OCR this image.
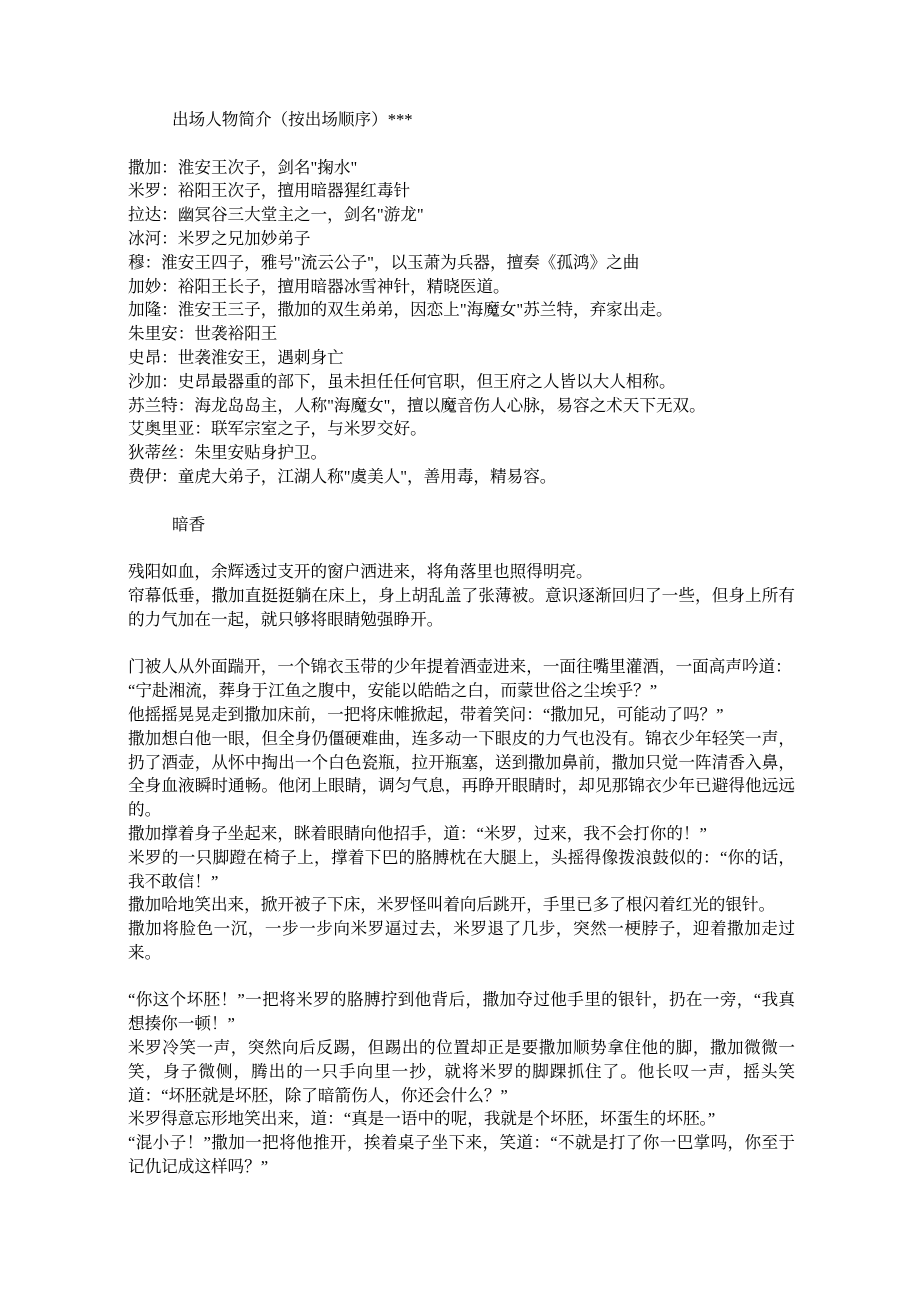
出场人物简介（按出场顺序）***

撒加：淮安王次子，剑名"掬水"

米罗：裕阳王次子，擅用暗器猩红毒针

拉达：幽冥谷三大堂主之一，剑名"游龙"

冰河：米罗之兄加妙弟子

穆：淮安王四子，雅号"流云公子"，以玉萧为兵器，擅奏《孤鸿》之曲

加妙：裕阳王长子，擅用暗器冰雪神针，精晓医道。

加隆：淮安王三子，撒加的双生弟弟，因恋上"海魔女"苏兰特，弃家出走。

朱里安：世袭裕阳王

史昂：世袭淮安王，遇刺身亡

沙加：史昂最器重的部下，虽未担任任何官职，但王府之人皆以大人相称。

苏兰特：海龙岛岛主，人称"海魔女"，擅以魔音伤人心脉，易容之术天下无双。

艾奥里亚：联军宗室之子，与米罗交好。

狄蒂丝：朱里安贴身护卫。

费伊：童虎大弟子，江湖人称"虞美人"，善用毒，精易容。

暗香

残阳如血，余辉透过支开的窗户洒进来，将角落里也照得明亮。

帘幕低垂，撒加直挺挺躺在床上，身上胡乱盖了张薄被。意识逐渐回归了一些，但身上所有的力气加在一起，就只够将眼睛勉强睁开。

门被人从外面踹开，一个锦衣玉带的少年提着酒壶进来，一面往嘴里灌酒，一面高声吟道：

“宁赴湘流，葬身于江鱼之腹中，安能以皓皓之白，而蒙世俗之尘埃乎？”

他摇摇晃晃走到撒加床前，一把将床帷掀起，带着笑问：“撒加兄，可能动了吗？”

撒加想白他一眼，但全身仍僵硬难曲，连多动一下眼皮的力气也没有。锦衣少年轻笑一声，扔了酒壶，从怀中掏出一个白色瓷瓶，拉开瓶塞，送到撒加鼻前，撒加只觉一阵清香入鼻，全身血液瞬时通畅。他闭上眼睛，调匀气息，再睁开眼睛时，却见那锦衣少年已避得他远远的。

撒加撑着身子坐起来，眯着眼睛向他招手，道：“米罗，过来，我不会打你的！”

米罗的一只脚蹬在椅子上，撑着下巴的胳膊枕在大腿上，头摇得像拨浪鼓似的：“你的话，我不敢信！”

撒加哈地笑出来，掀开被子下床，米罗怪叫着向后跳开，手里已多了根闪着红光的银针。

撒加将脸色一沉，一步一步向米罗逼过去，米罗退了几步，突然一梗脖子，迎着撒加走过来。

“你这个坏胚！”一把将米罗的胳膊拧到他背后，撒加夺过他手里的银针，扔在一旁，“我真想揍你一顿！”

米罗冷笑一声，突然向后反踢，但踢出的位置却正是要撒加顺势拿住他的脚，撒加微微一笑，身子微侧，腾出的一只手向里一抄，就将米罗的脚踝抓住了。他长叹一声，摇头笑道：“坏胚就是坏胚，除了暗箭伤人，你还会什么？”

米罗得意忘形地笑出来，道：“真是一语中的呢，我就是个坏胚，坏蛋生的坏胚。”

“混小子！”撒加一把将他推开，挨着桌子坐下来，笑道：“不就是打了你一巴掌吗，你至于记仇记成这样吗？”
